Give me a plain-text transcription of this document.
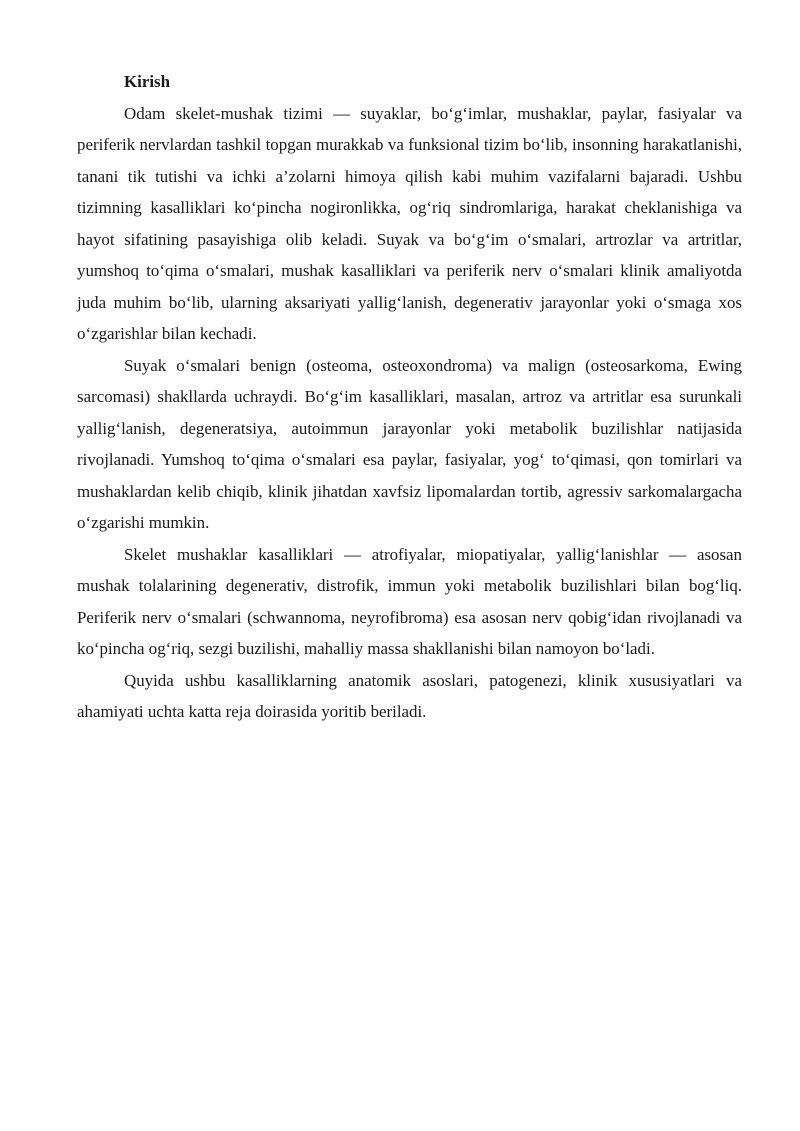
Kirish

Odam skelet-mushak tizimi — suyaklar, bo‘g‘imlar, mushaklar, paylar, fasiyalar va periferik nervlardan tashkil topgan murakkab va funksional tizim bo‘lib, insonning harakatlanishi, tanani tik tutishi va ichki a’zolarni himoya qilish kabi muhim vazifalarni bajaradi. Ushbu tizimning kasalliklari ko‘pincha nogironlikka, og‘riq sindromlariga, harakat cheklanishiga va hayot sifatining pasayishiga olib keladi. Suyak va bo‘g‘im o‘smalari, artrozlar va artritlar, yumshoq to‘qima o‘smalari, mushak kasalliklari va periferik nerv o‘smalari klinik amaliyotda juda muhim bo‘lib, ularning aksariyati yallig‘lanish, degenerativ jarayonlar yoki o‘smaga xos o‘zgarishlar bilan kechadi.

Suyak o‘smalari benign (osteoma, osteoxondroma) va malign (osteosarkoma, Ewing sarcomasi) shakllarda uchraydi. Bo‘g‘im kasalliklari, masalan, artroz va artritlar esa surunkali yallig‘lanish, degeneratsiya, autoimmun jarayonlar yoki metabolik buzilishlar natijasida rivojlanadi. Yumshoq to‘qima o‘smalari esa paylar, fasiyalar, yog‘ to‘qimasi, qon tomirlari va mushaklardan kelib chiqib, klinik jihatdan xavfsiz lipomalardan tortib, agressiv sarkomalargacha o‘zgarishi mumkin.

Skelet mushaklar kasalliklari — atrofiyalar, miopatiyalar, yallig‘lanishlar — asosan mushak tolalarining degenerativ, distrofik, immun yoki metabolik buzilishlari bilan bog‘liq. Periferik nerv o‘smalari (schwannoma, neyrofibroma) esa asosan nerv qobig‘idan rivojlanadi va ko‘pincha og‘riq, sezgi buzilishi, mahalliy massa shakllanishi bilan namoyon bo‘ladi.

Quyida ushbu kasalliklarning anatomik asoslari, patogenezi, klinik xususiyatlari va ahamiyati uchta katta reja doirasida yoritib beriladi.
